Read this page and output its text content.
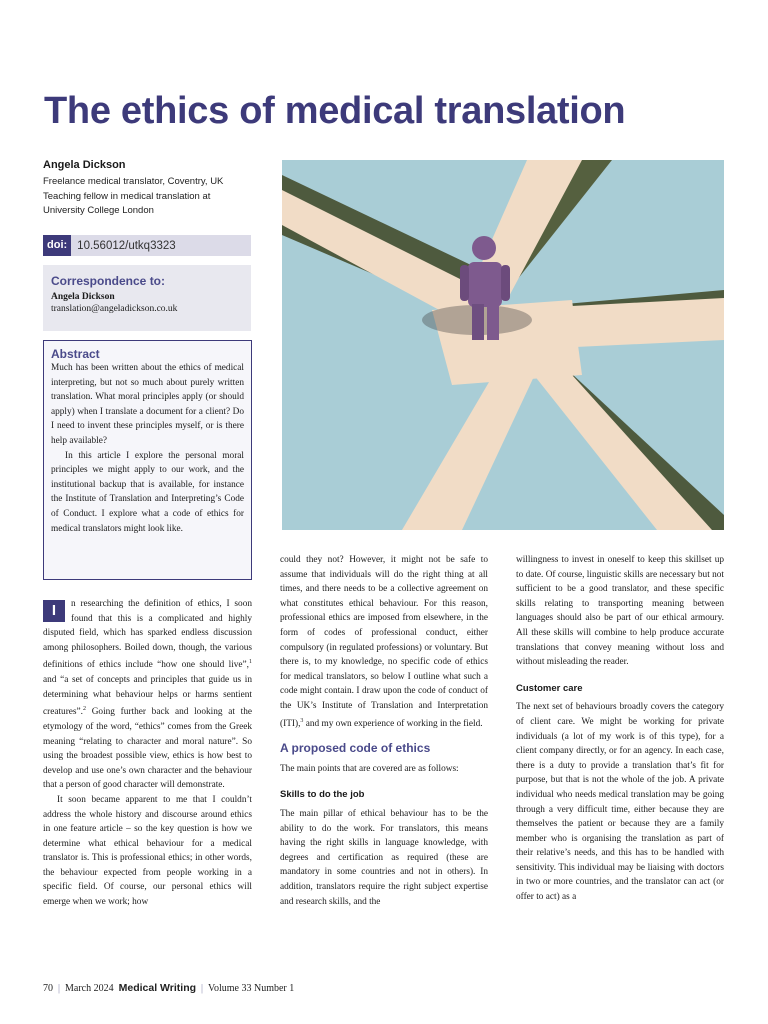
The ethics of medical translation
Angela Dickson
Freelance medical translator, Coventry, UK
Teaching fellow in medical translation at
University College London
doi: 10.56012/utkq3323
Correspondence to:
Angela Dickson
translation@angeladickson.co.uk
Abstract

Much has been written about the ethics of medical interpreting, but not so much about purely written translation. What moral principles apply (or should apply) when I translate a document for a client? Do I need to invent these principles myself, or is there help available?

In this article I explore the personal moral principles we might apply to our work, and the institutional backup that is available, for instance the Institute of Translation and Interpreting’s Code of Conduct. I explore what a code of ethics for medical translators might look like.

I	n researching the definition of ethics, I soon found that this is a complicated and highly disputed field, which has sparked endless discussion among philosophers. Boiled down, though, the various definitions of ethics include “how one should live”,$^1$ and “a set of concepts and principles that guide us in determining what behaviour helps or harms sentient creatures”.$^2$ Going further back and looking at the etymology of the word, “ethics” comes from the Greek meaning “relating to character and moral nature”. So using the broadest possible view, ethics is how best to develop and use one’s own character and the behaviour that a person of good character will demonstrate.

It soon became apparent to me that I couldn’t address the whole history and discourse around ethics in one feature article – so the key question is how we determine what ethical behaviour for a medical translator is. This is professional ethics; in other words, the behaviour expected from people working in a specific field. Of course, our personal ethics will emerge when we work; how

could they not? However, it might not be safe to assume that individuals will do the right thing at all times, and there needs to be a collective agreement on what constitutes ethical behaviour. For this reason, professional ethics are imposed from elsewhere, in the form of codes of professional conduct, either compulsory (in regulated professions) or voluntary. But there is, to my knowledge, no specific code of ethics for medical translators, so below I outline what such a code might contain. I draw upon the code of conduct of the UK’s Institute of Translation and Interpretation (ITI),$^3$ and my own experience of working in the field.

A proposed code of ethics

The main points that are covered are as follows:

Skills to do the job

The main pillar of ethical behaviour has to be the ability to do the work. For translators, this means having the right skills in language knowledge, with degrees and certification as required (these are mandatory in some countries and not in others). In addition, translators require the right subject expertise and research skills, and the

willingness to invest in oneself to keep this skillset up to date. Of course, linguistic skills are necessary but not sufficient to be a good translator, and these specific skills relating to transporting meaning between languages should also be part of our ethical armoury. All these skills will combine to help produce accurate translations that convey meaning without loss and without misleading the reader.

Customer care

The next set of behaviours broadly covers the category of client care. We might be working for private individuals (a lot of my work is of this type), for a client company directly, or for an agency. In each case, there is a duty to provide a translation that’s fit for purpose, but that is not the whole of the job. A private individual who needs medical translation may be going through a very difficult time, either because they are themselves the patient or because they are a family member who is organising the translation as part of their relative’s needs, and this has to be handled with sensitivity. This individual may be liaising with doctors in two or more countries, and the translator can act (or offer to act) as a

70 | March 2024 Medical Writing | Volume 33 Number 1
